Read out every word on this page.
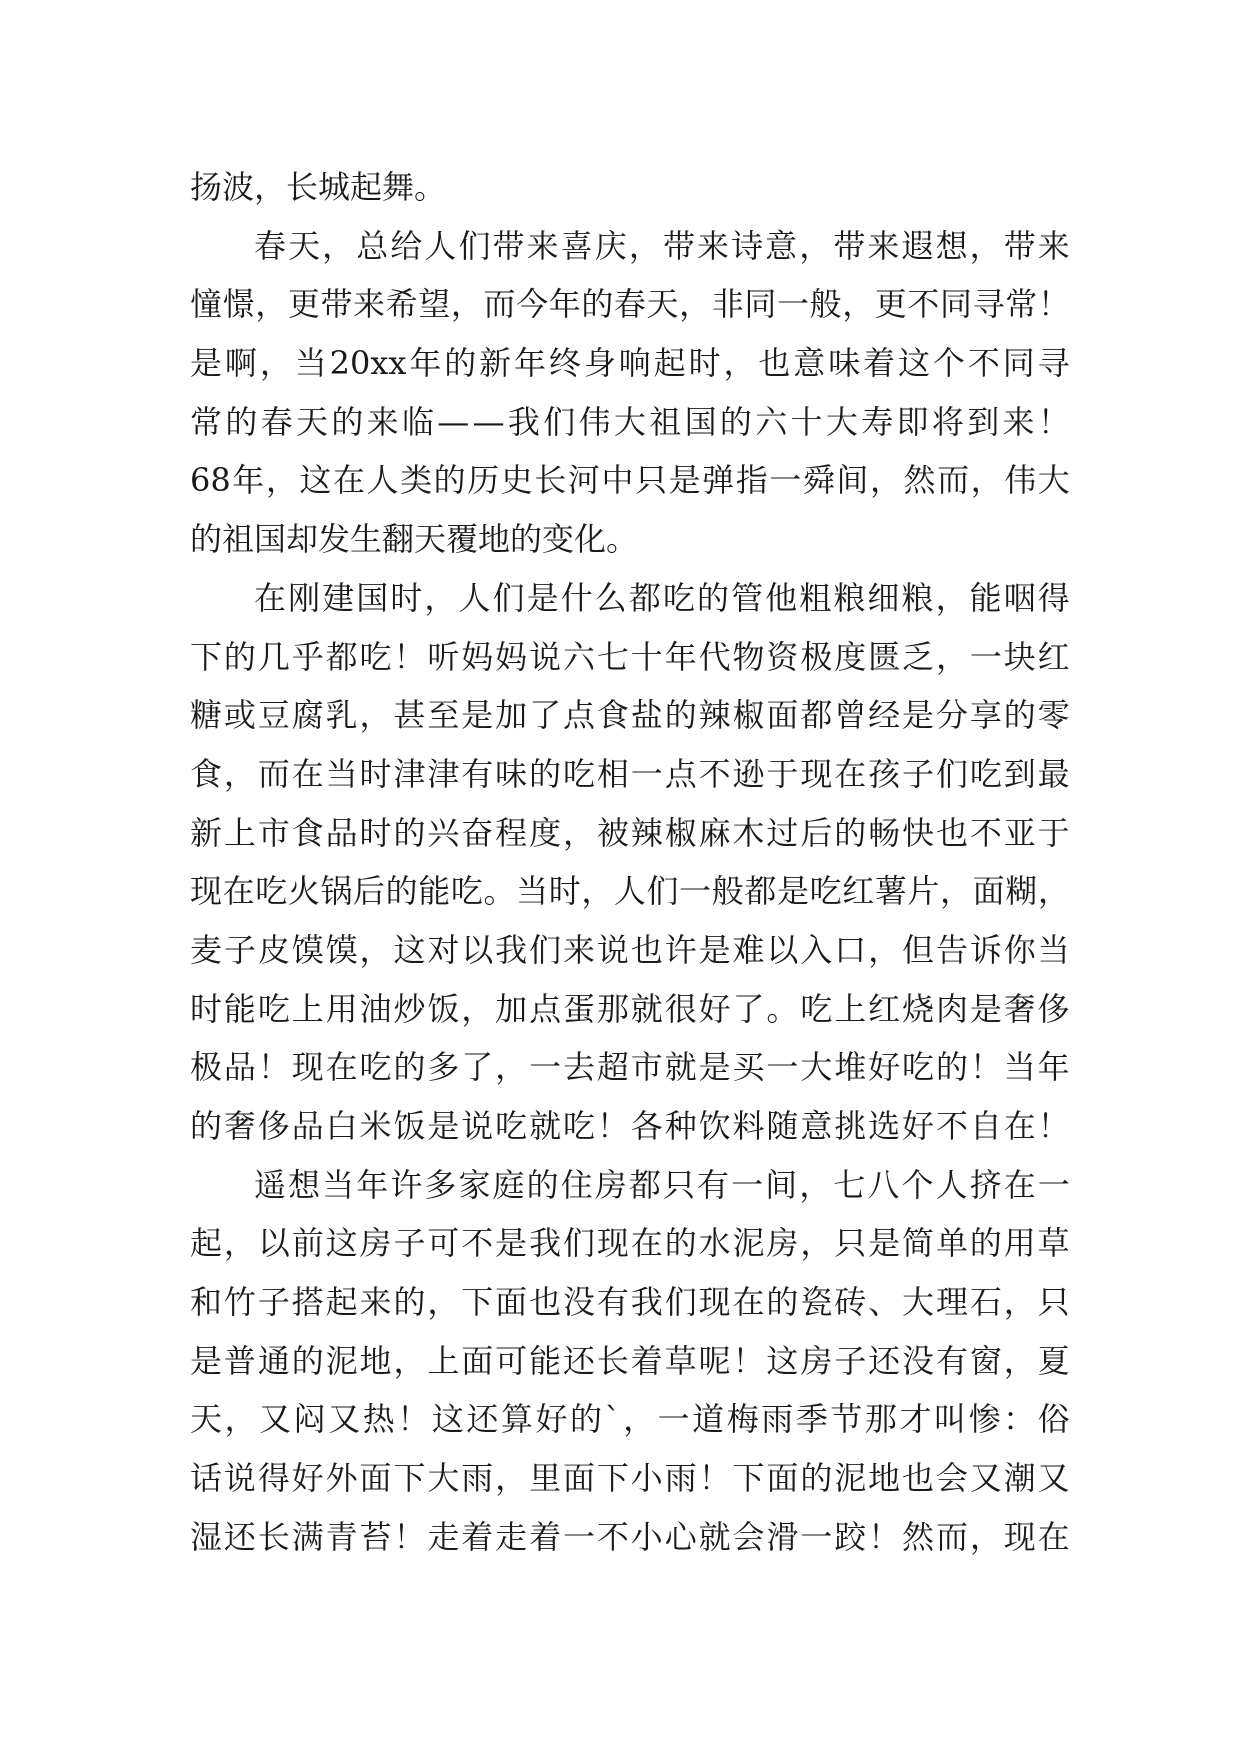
扬波，长城起舞。
春 天 ， 总 给 人 们 带 来 喜 庆 ， 带 来 诗 意 ， 带 来 遐 想 ， 带 来
憧 憬 ， 更 带 来 希 望 ， 而 今 年 的 春 天 ， 非 同 一 般 ， 更 不 同 寻 常 ！
是 啊 ， 当 20xx 年 的 新 年 终 身 响 起 时 ， 也 意 味 着 这 个 不 同 寻
常 的 春 天 的 来 临 — — 我 们 伟 大 祖 国 的 六 十 大 寿 即 将 到 来 ！
68 年 ， 这 在 人 类 的 历 史 长 河 中 只 是 弹 指 一 舜 间 ， 然 而 ， 伟 大
的祖国却发生翻天覆地的变化。
在 刚 建 国 时 ， 人 们 是 什 么 都 吃 的 管 他 粗 粮 细 粮 ， 能 咽 得
下 的 几 乎 都 吃 ！ 听 妈 妈 说 六 七 十 年 代 物 资 极 度 匮 乏 ， 一 块 红
糖 或 豆 腐 乳 ， 甚 至 是 加 了 点 食 盐 的 辣 椒 面 都 曾 经 是 分 享 的 零
食 ， 而 在 当 时 津 津 有 味 的 吃 相 一 点 不 逊 于 现 在 孩 子 们 吃 到 最
新 上 市 食 品 时 的 兴 奋 程 度 ， 被 辣 椒 麻 木 过 后 的 畅 快 也 不 亚 于
现 在 吃 火 锅 后 的 能 吃 。 当 时 ， 人 们 一 般 都 是 吃 红 薯 片 ， 面 糊 ，
麦 子 皮 馍 馍 ， 这 对 以 我 们 来 说 也 许 是 难 以 入 口 ， 但 告 诉 你 当
时 能 吃 上 用 油 炒 饭 ， 加 点 蛋 那 就 很 好 了 。 吃 上 红 烧 肉 是 奢 侈
极 品 ！ 现 在 吃 的 多 了 ， 一 去 超 市 就 是 买 一 大 堆 好 吃 的 ！ 当 年
的 奢 侈 品 白 米 饭 是 说 吃 就 吃 ！ 各 种 饮 料 随 意 挑 选 好 不 自 在 ！
遥 想 当 年 许 多 家 庭 的 住 房 都 只 有 一 间 ， 七 八 个 人 挤 在 一
起 ， 以 前 这 房 子 可 不 是 我 们 现 在 的 水 泥 房 ， 只 是 简 单 的 用 草
和 竹 子 搭 起 来 的 ， 下 面 也 没 有 我 们 现 在 的 瓷 砖 、 大 理 石 ， 只
是 普 通 的 泥 地 ， 上 面 可 能 还 长 着 草 呢 ！ 这 房 子 还 没 有 窗 ， 夏
天 ， 又 闷 又 热 ！ 这 还 算 好 的 ` ， 一 道 梅 雨 季 节 那 才 叫 惨 ： 俗
话 说 得 好 外 面 下 大 雨 ， 里 面 下 小 雨 ！ 下 面 的 泥 地 也 会 又 潮 又
湿 还 长 满 青 苔 ！ 走 着 走 着 一 不 小 心 就 会 滑 一 跤 ！ 然 而 ， 现 在
